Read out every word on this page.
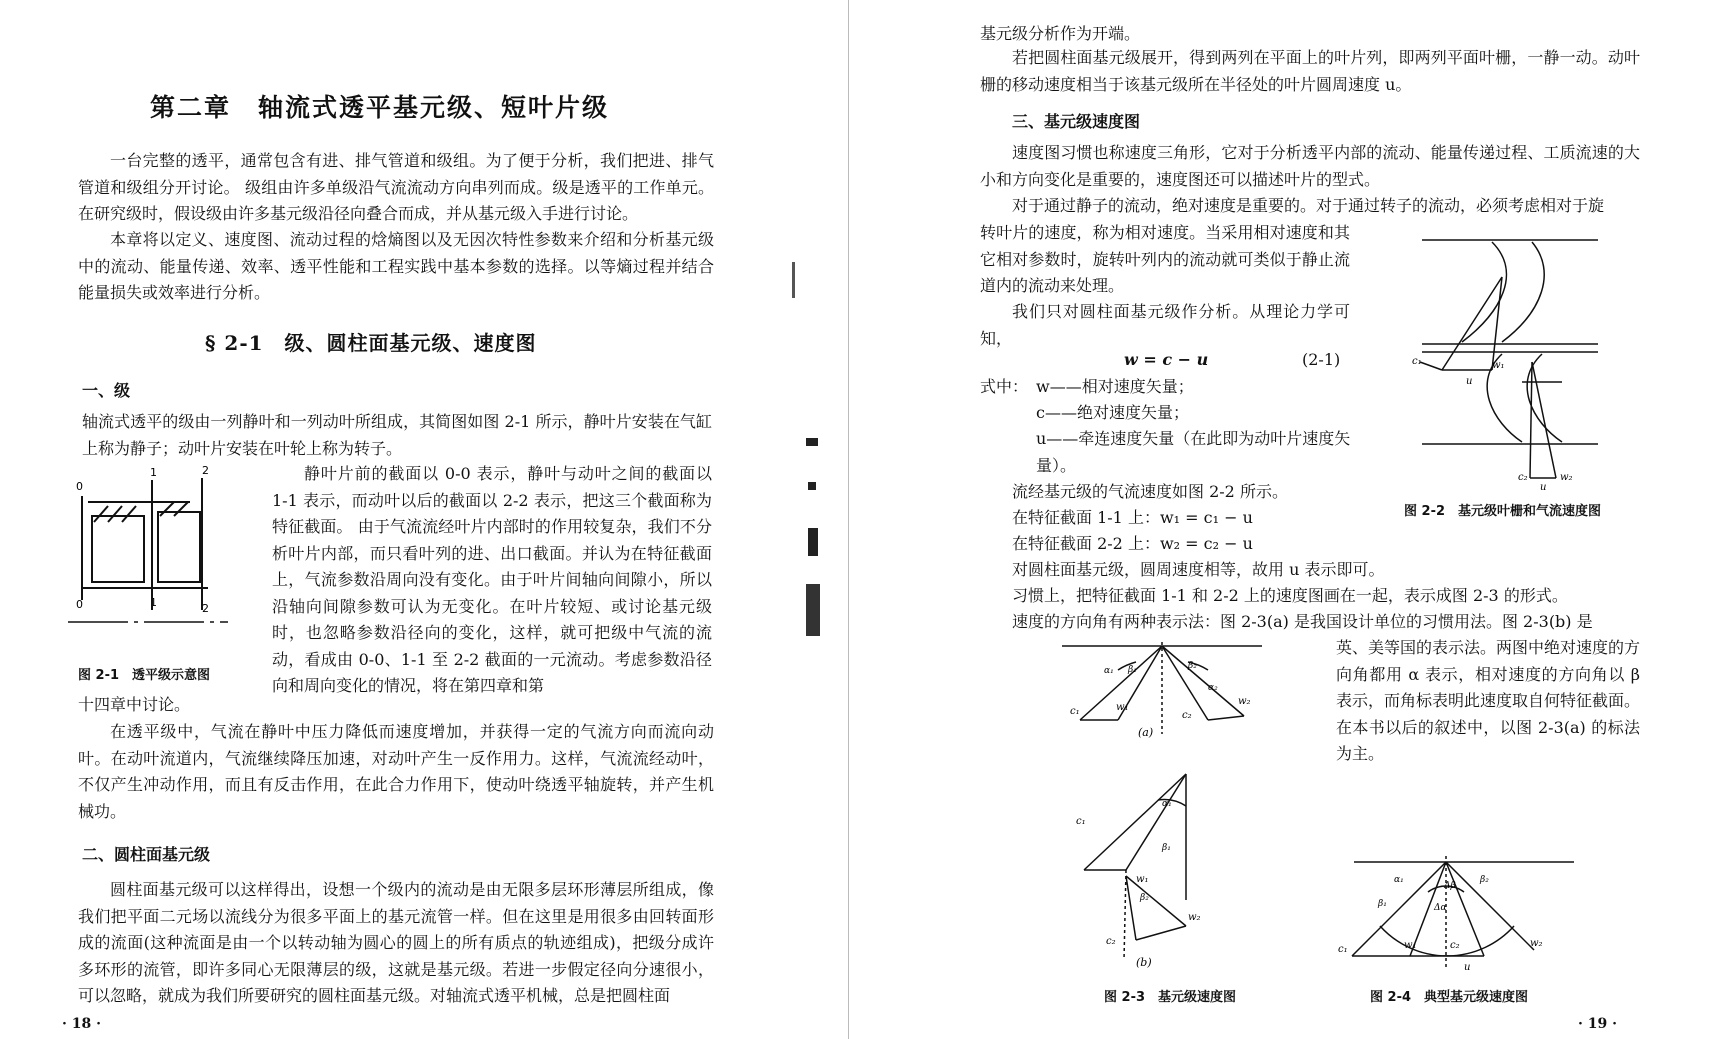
第二章　轴流式透平基元级、短叶片级
一台完整的透平，通常包含有进、排气管道和级组。为了便于分析，我们把进、排气管道和级组分开讨论。 级组由许多单级沿气流流动方向串列而成。级是透平的工作单元。在研究级时，假设级由许多基元级沿径向叠合而成，并从基元级入手进行讨论。
本章将以定义、速度图、流动过程的焓熵图以及无因次特性参数来介绍和分析基元级中的流动、能量传递、效率、透平性能和工程实践中基本参数的选择。以等熵过程并结合能量损失或效率进行分析。
§ 2-1　级、圆柱面基元级、速度图
一、级
轴流式透平的级由一列静叶和一列动叶所组成，其简图如图 2-1 所示，静叶片安装在气缸上称为静子；动叶片安装在叶轮上称为转子。
0
1	2
0	1	2
图 2-1　透平级示意图
静叶片前的截面以 0-0 表示，静叶与动叶之间的截面以 1-1 表示，而动叶以后的截面以 2-2 表示，把这三个截面称为特征截面。 由于气流流经叶片内部时的作用较复杂，我们不分析叶片内部，而只看叶列的进、出口截面。并认为在特征截面上，气流参数沿周向没有变化。由于叶片间轴向间隙小，所以沿轴向间隙参数可认为无变化。在叶片较短、或讨论基元级时，也忽略参数沿径向的变化，这样，就可把级中气流的流动，看成由 0-0、1-1 至 2-2 截面的一元流动。考虑参数沿径向和周向变化的情况，将在第四章和第
十四章中讨论。
在透平级中，气流在静叶中压力降低而速度增加，并获得一定的气流方向而流向动叶。在动叶流道内，气流继续降压加速，对动叶产生一反作用力。这样，气流流经动叶，不仅产生冲动作用，而且有反击作用，在此合力作用下，使动叶绕透平轴旋转，并产生机械功。
二、圆柱面基元级
圆柱面基元级可以这样得出，设想一个级内的流动是由无限多层环形薄层所组成，像我们把平面二元场以流线分为很多平面上的基元流管一样。但在这里是用很多由回转面形成的流面(这种流面是由一个以转动轴为圆心的圆上的所有质点的轨迹组成)，把级分成许多环形的流管，即许多同心无限薄层的级，这就是基元级。若进一步假定径向分速很小，可以忽略，就成为我们所要研究的圆柱面基元级。对轴流式透平机械，总是把圆柱面
· 18 ·
基元级分析作为开端。
若把圆柱面基元级展开，得到两列在平面上的叶片列，即两列平面叶栅，一静一动。动叶栅的移动速度相当于该基元级所在半径处的叶片圆周速度 u。
三、基元级速度图
速度图习惯也称速度三角形，它对于分析透平内部的流动、能量传递过程、工质流速的大小和方向变化是重要的，速度图还可以描述叶片的型式。
对于通过静子的流动，绝对速度是重要的。对于通过转子的流动，必须考虑相对于旋
转叶片的速度，称为相对速度。当采用相对速度和其它相对参数时，旋转叶列内的流动就可类似于静止流道内的流动来处理。
我们只对圆柱面基元级作分析。从理论力学可知，
w = c − u	(2-1)
式中： w——相对速度矢量；
c——绝对速度矢量；
u——牵连速度矢量（在此即为动叶片速度矢量）。
流经基元级的气流速度如图 2-2 所示。
在特征截面 1-1 上：w₁ = c₁ − u
在特征截面 2-2 上：w₂ = c₂ − u
对圆柱面基元级，圆周速度相等，故用 u 表示即可。
习惯上，把特征截面 1-1 和 2-2 上的速度图画在一起，表示成图 2-3 的形式。
速度的方向角有两种表示法：图 2-3(a) 是我国设计单位的习惯用法。图 2-3(b) 是
英、美等国的表示法。两图中绝对速度的方向角都用 α 表示，相对速度的方向角以 β 表示，而角标表明此速度取自何特征截面。在本书以后的叙述中，以图 2-3(a) 的标法为主。
c₁	w₁
u
c₂	w₂
u
图 2-2　基元级叶栅和气流速度图
c₁	w₁
α₁ β₁	β₂
α₂
c₂
w₂
(a)
c₁
α₁
β₁
w₁
β₂
w₂
c₂
(b)
图 2-3　基元级速度图
c₁	w₁	c₂	w₂
β₁
α₁	β₂
Δβ
Δα
u
图 2-4　典型基元级速度图
· 19 ·
